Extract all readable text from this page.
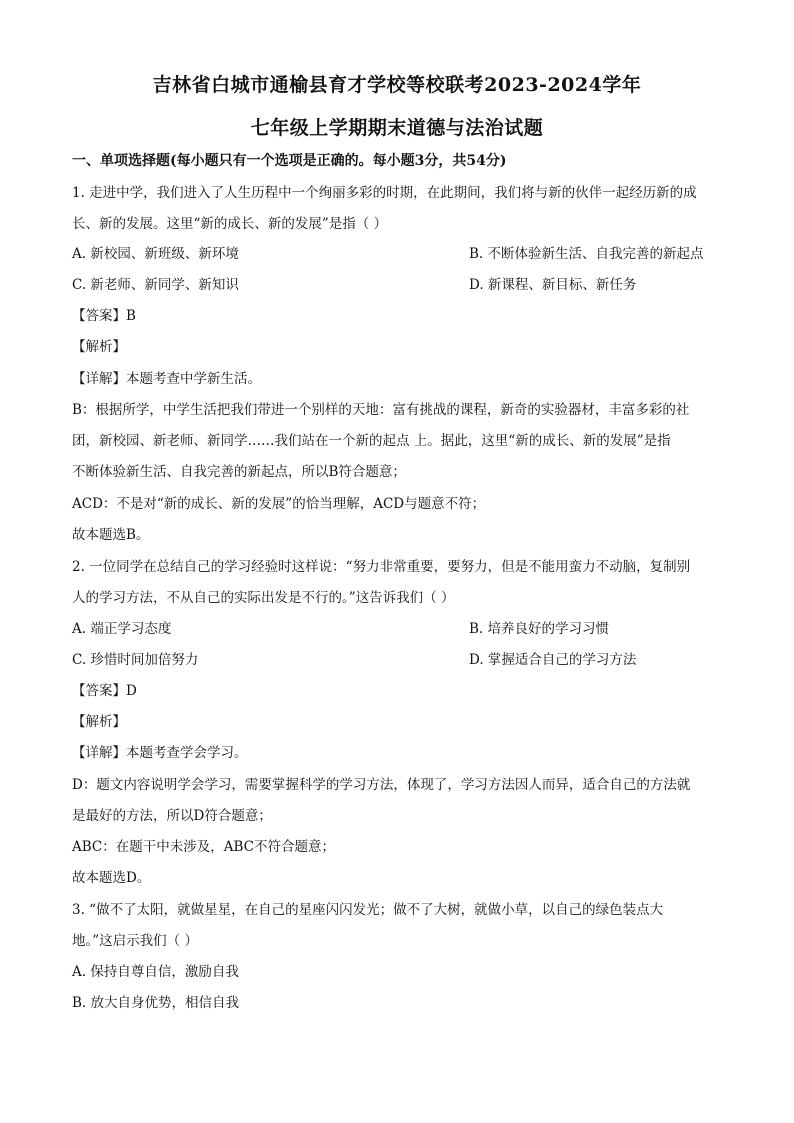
吉林省白城市通榆县育才学校等校联考2023-2024学年
七年级上学期期末道德与法治试题
一、单项选择题(每小题只有一个选项是正确的。每小题3分，共54分)
1. 走进中学，我们进入了人生历程中一个绚丽多彩的时期，在此期间，我们将与新的伙伴一起经历新的成
长、新的发展。这里“新的成长、新的发展”是指（ ）
A. 新校园、新班级、新环境	B. 不断体验新生活、自我完善的新起点
C. 新老师、新同学、新知识	D. 新课程、新目标、新任务
【答案】B
【解析】
【详解】本题考查中学新生活。
B：根据所学，中学生活把我们带进一个别样的天地：富有挑战的课程，新奇的实验器材，丰富多彩的社
团，新校园、新老师、新同学……我们站在一个新的起点 上。据此，这里“新的成长、新的发展”是指
不断体验新生活、自我完善的新起点，所以B符合题意；
ACD：不是对“新的成长、新的发展”的恰当理解，ACD与题意不符；
故本题选B。
2. 一位同学在总结自己的学习经验时这样说：“努力非常重要，要努力，但是不能用蛮力不动脑，复制别
人的学习方法，不从自己的实际出发是不行的。”这告诉我们（ ）
A. 端正学习态度	B. 培养良好的学习习惯
C. 珍惜时间加倍努力	D. 掌握适合自己的学习方法
【答案】D
【解析】
【详解】本题考查学会学习。
D：题文内容说明学会学习，需要掌握科学的学习方法，体现了，学习方法因人而异，适合自己的方法就
是最好的方法，所以D符合题意；
ABC：在题干中未涉及，ABC不符合题意；
故本题选D。
3. “做不了太阳，就做星星，在自己的星座闪闪发光；做不了大树，就做小草，以自己的绿色装点大
地。”这启示我们（ ）
A. 保持自尊自信，激励自我
B. 放大自身优势，相信自我
